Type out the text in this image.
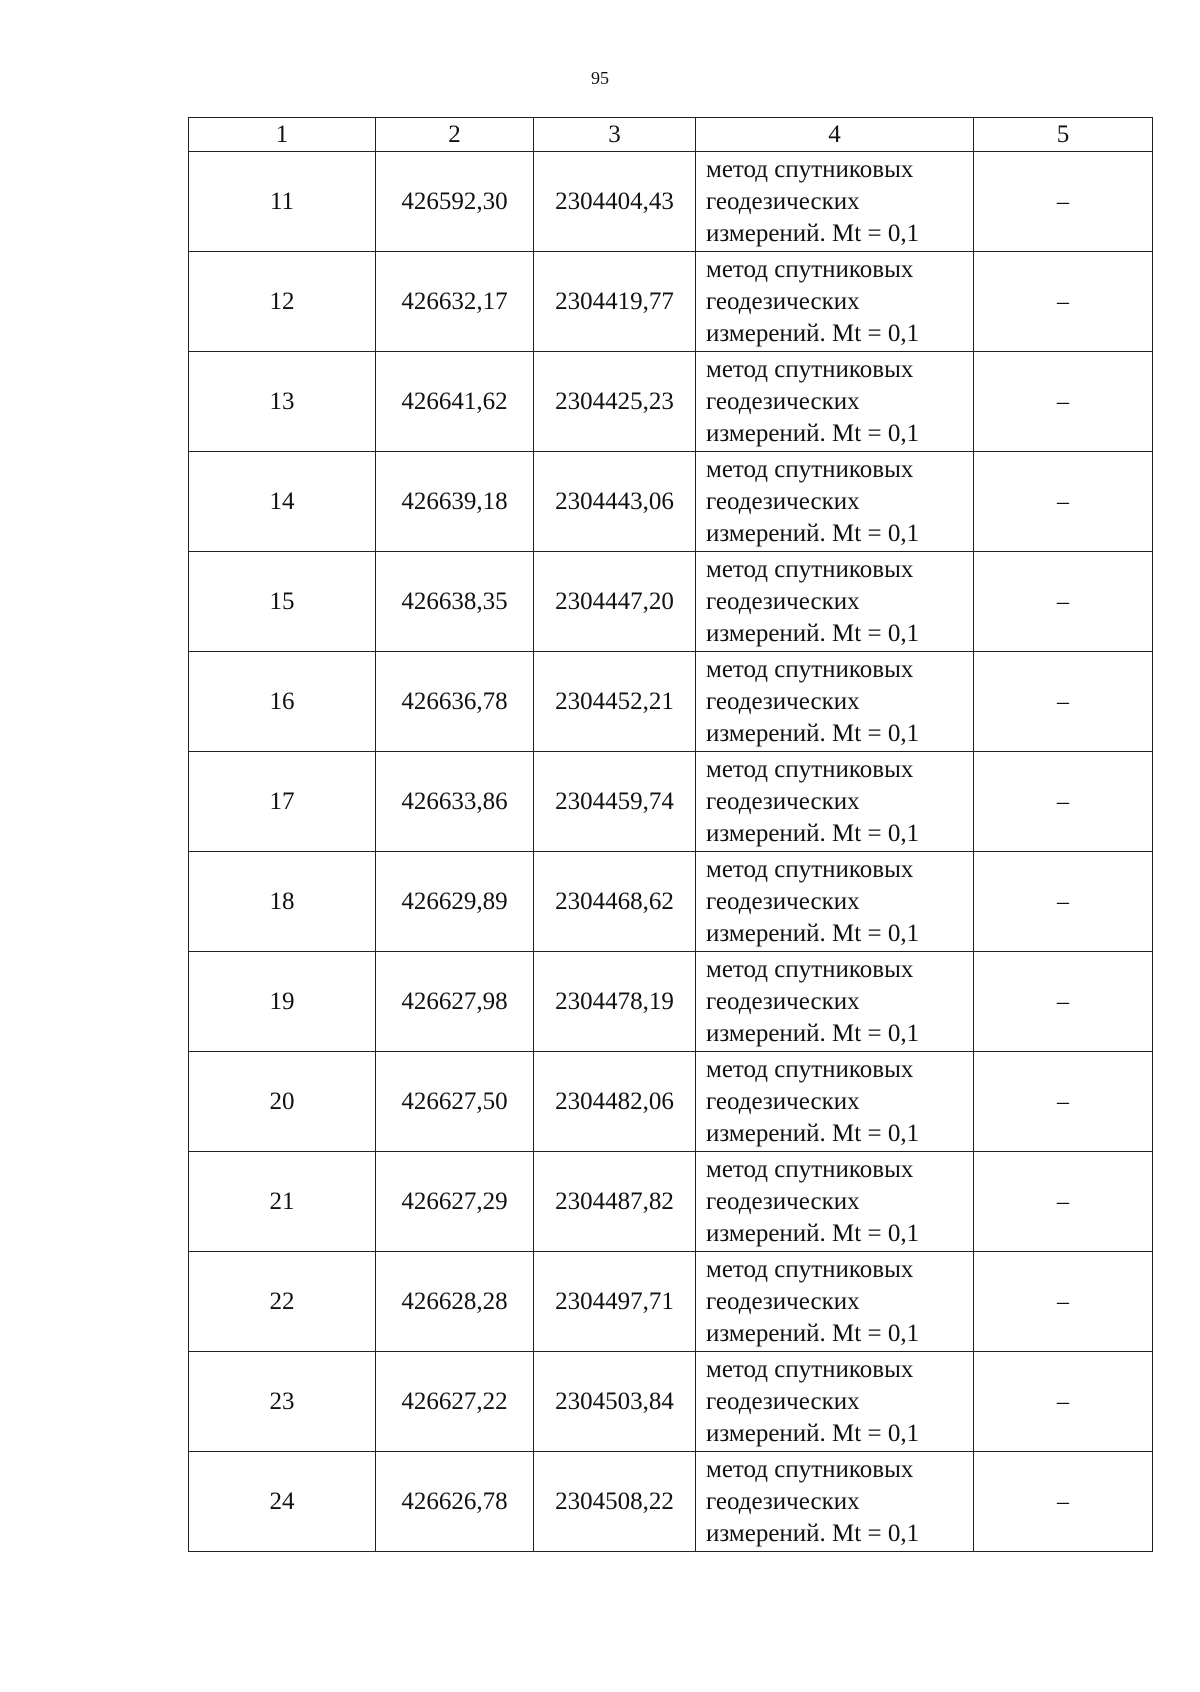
95
1	2	3	4	5
11	426592,30	2304404,43	метод спутниковых
геодезических
измерений. Mt = 0,1	–
12	426632,17	2304419,77	метод спутниковых
геодезических
измерений. Mt = 0,1	–
13	426641,62	2304425,23	метод спутниковых
геодезических
измерений. Mt = 0,1	–
14	426639,18	2304443,06	метод спутниковых
геодезических
измерений. Mt = 0,1	–
15	426638,35	2304447,20	метод спутниковых
геодезических
измерений. Mt = 0,1	–
16	426636,78	2304452,21	метод спутниковых
геодезических
измерений. Mt = 0,1	–
17	426633,86	2304459,74	метод спутниковых
геодезических
измерений. Mt = 0,1	–
18	426629,89	2304468,62	метод спутниковых
геодезических
измерений. Mt = 0,1	–
19	426627,98	2304478,19	метод спутниковых
геодезических
измерений. Mt = 0,1	–
20	426627,50	2304482,06	метод спутниковых
геодезических
измерений. Mt = 0,1	–
21	426627,29	2304487,82	метод спутниковых
геодезических
измерений. Mt = 0,1	–
22	426628,28	2304497,71	метод спутниковых
геодезических
измерений. Mt = 0,1	–
23	426627,22	2304503,84	метод спутниковых
геодезических
измерений. Mt = 0,1	–
24	426626,78	2304508,22	метод спутниковых
геодезических
измерений. Mt = 0,1	–
